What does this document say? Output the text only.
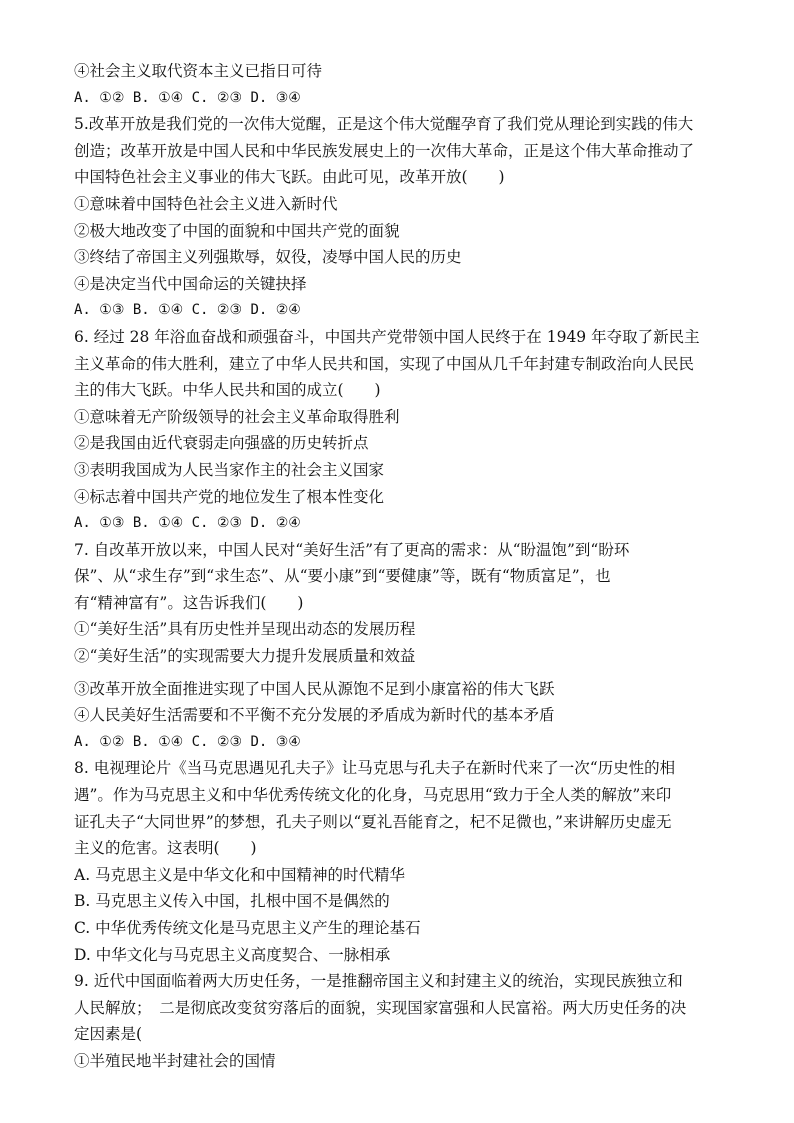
④社会主义取代资本主义已指日可待
A. ①② B. ①④ C. ②③ D. ③④
5.改革开放是我们党的一次伟大觉醒，正是这个伟大觉醒孕育了我们党从理论到实践的伟大
创造；改革开放是中国人民和中华民族发展史上的一次伟大革命，正是这个伟大革命推动了
中国特色社会主义事业的伟大飞跃。由此可见，改革开放(　　)
①意味着中国特色社会主义进入新时代
②极大地改变了中国的面貌和中国共产党的面貌
③终结了帝国主义列强欺辱，奴役，凌辱中国人民的历史
④是决定当代中国命运的关键抉择
A. ①③ B. ①④ C. ②③ D. ②④
6. 经过 28 年浴血奋战和顽强奋斗，中国共产党带领中国人民终于在 1949 年夺取了新民主
主义革命的伟大胜利，建立了中华人民共和国，实现了中国从几千年封建专制政治向人民民
主的伟大飞跃。中华人民共和国的成立(　　)
①意味着无产阶级领导的社会主义革命取得胜利
②是我国由近代衰弱走向强盛的历史转折点
③表明我国成为人民当家作主的社会主义国家
④标志着中国共产党的地位发生了根本性变化
A. ①③ B. ①④ C. ②③ D. ②④
7. 自改革开放以来，中国人民对“美好生活”有了更高的需求：从“盼温饱”到“盼环
保”、从“求生存”到“求生态”、从“要小康”到“要健康”等，既有“物质富足”，也
有“精神富有”。这告诉我们(　　)
①“美好生活”具有历史性并呈现出动态的发展历程
②“美好生活”的实现需要大力提升发展质量和效益
③改革开放全面推进实现了中国人民从源饱不足到小康富裕的伟大飞跃
④人民美好生活需要和不平衡不充分发展的矛盾成为新时代的基本矛盾
A. ①② B. ①④ C. ②③ D. ③④
8. 电视理论片《当马克思遇见孔夫子》让马克思与孔夫子在新时代来了一次“历史性的相
遇”。作为马克思主义和中华优秀传统文化的化身，马克思用“致力于全人类的解放”来印
证孔夫子“大同世界”的梦想，孔夫子则以“夏礼吾能育之，杞不足微也，”来讲解历史虚无
主义的危害。这表明(　　)
A. 马克思主义是中华文化和中国精神的时代精华
B. 马克思主义传入中国，扎根中国不是偶然的
C. 中华优秀传统文化是马克思主义产生的理论基石
D. 中华文化与马克思主义高度契合、一脉相承
9. 近代中国面临着两大历史任务，一是推翻帝国主义和封建主义的统治，实现民族独立和
人民解放；　二是彻底改变贫穷落后的面貌，实现国家富强和人民富裕。两大历史任务的决
定因素是(
①半殖民地半封建社会的国情
